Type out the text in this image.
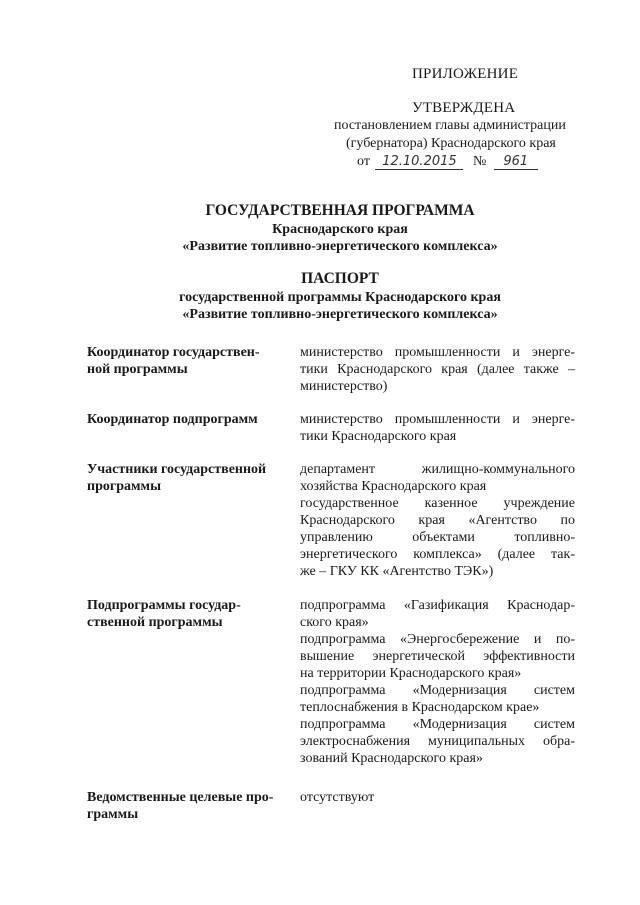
ПРИЛОЖЕНИЕ
УТВЕРЖДЕНА
постановлением главы администрации
(губернатора) Краснодарского края
от 12.10.2015 № 961
ГОСУДАРСТВЕННАЯ ПРОГРАММА
Краснодарского края
«Развитие топливно-энергетического комплекса»
ПАСПОРТ
государственной программы Краснодарского края
«Развитие топливно-энергетического комплекса»
Координатор государствен-
ной программы
министерство промышленности и энерге-
тики Краснодарского края (далее также –
министерство)
Координатор подпрограмм	министерство промышленности и энерге-
тики Краснодарского края
Участники государственной
программы
департамент жилищно-коммунального
хозяйства Краснодарского края
государственное казенное учреждение
Краснодарского края «Агентство по
управлению объектами топливно-
энергетического комплекса» (далее так-
же – ГКУ КК «Агентство ТЭК»)
Подпрограммы государ-
ственной программы
подпрограмма «Газификация Краснодар-
ского края»
подпрограмма «Энергосбережение и по-
вышение энергетической эффективности
на территории Краснодарского края»
подпрограмма «Модернизация систем
теплоснабжения в Краснодарском крае»
подпрограмма «Модернизация систем
электроснабжения муниципальных обра-
зований Краснодарского края»
Ведомственные целевые про-
граммы
отсутствуют
